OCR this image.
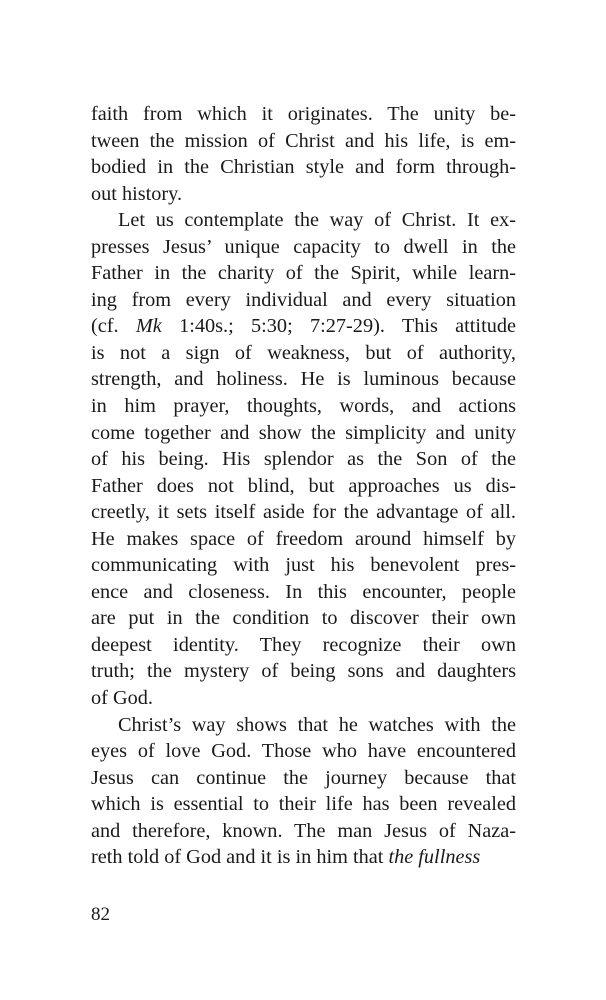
faith from which it originates. The unity be-
tween the mission of Christ and his life, is em-
bodied in the Christian style and form through-
out history.
Let us contemplate the way of Christ. It ex-
presses Jesus’ unique capacity to dwell in the
Father in the charity of the Spirit, while learn-
ing from every individual and every situation
(cf. Mk 1:40s.; 5:30; 7:27-29). This attitude
is not a sign of weakness, but of authority,
strength, and holiness. He is luminous because
in him prayer, thoughts, words, and actions
come together and show the simplicity and unity
of his being. His splendor as the Son of the
Father does not blind, but approaches us dis-
creetly, it sets itself aside for the advantage of all.
He makes space of freedom around himself by
communicating with just his benevolent pres-
ence and closeness. In this encounter, people
are put in the condition to discover their own
deepest identity. They recognize their own
truth; the mystery of being sons and daughters
of God.
Christ’s way shows that he watches with the
eyes of love God. Those who have encountered
Jesus can continue the journey because that
which is essential to their life has been revealed
and therefore, known. The man Jesus of Naza-
reth told of God and it is in him that the fullness
82
